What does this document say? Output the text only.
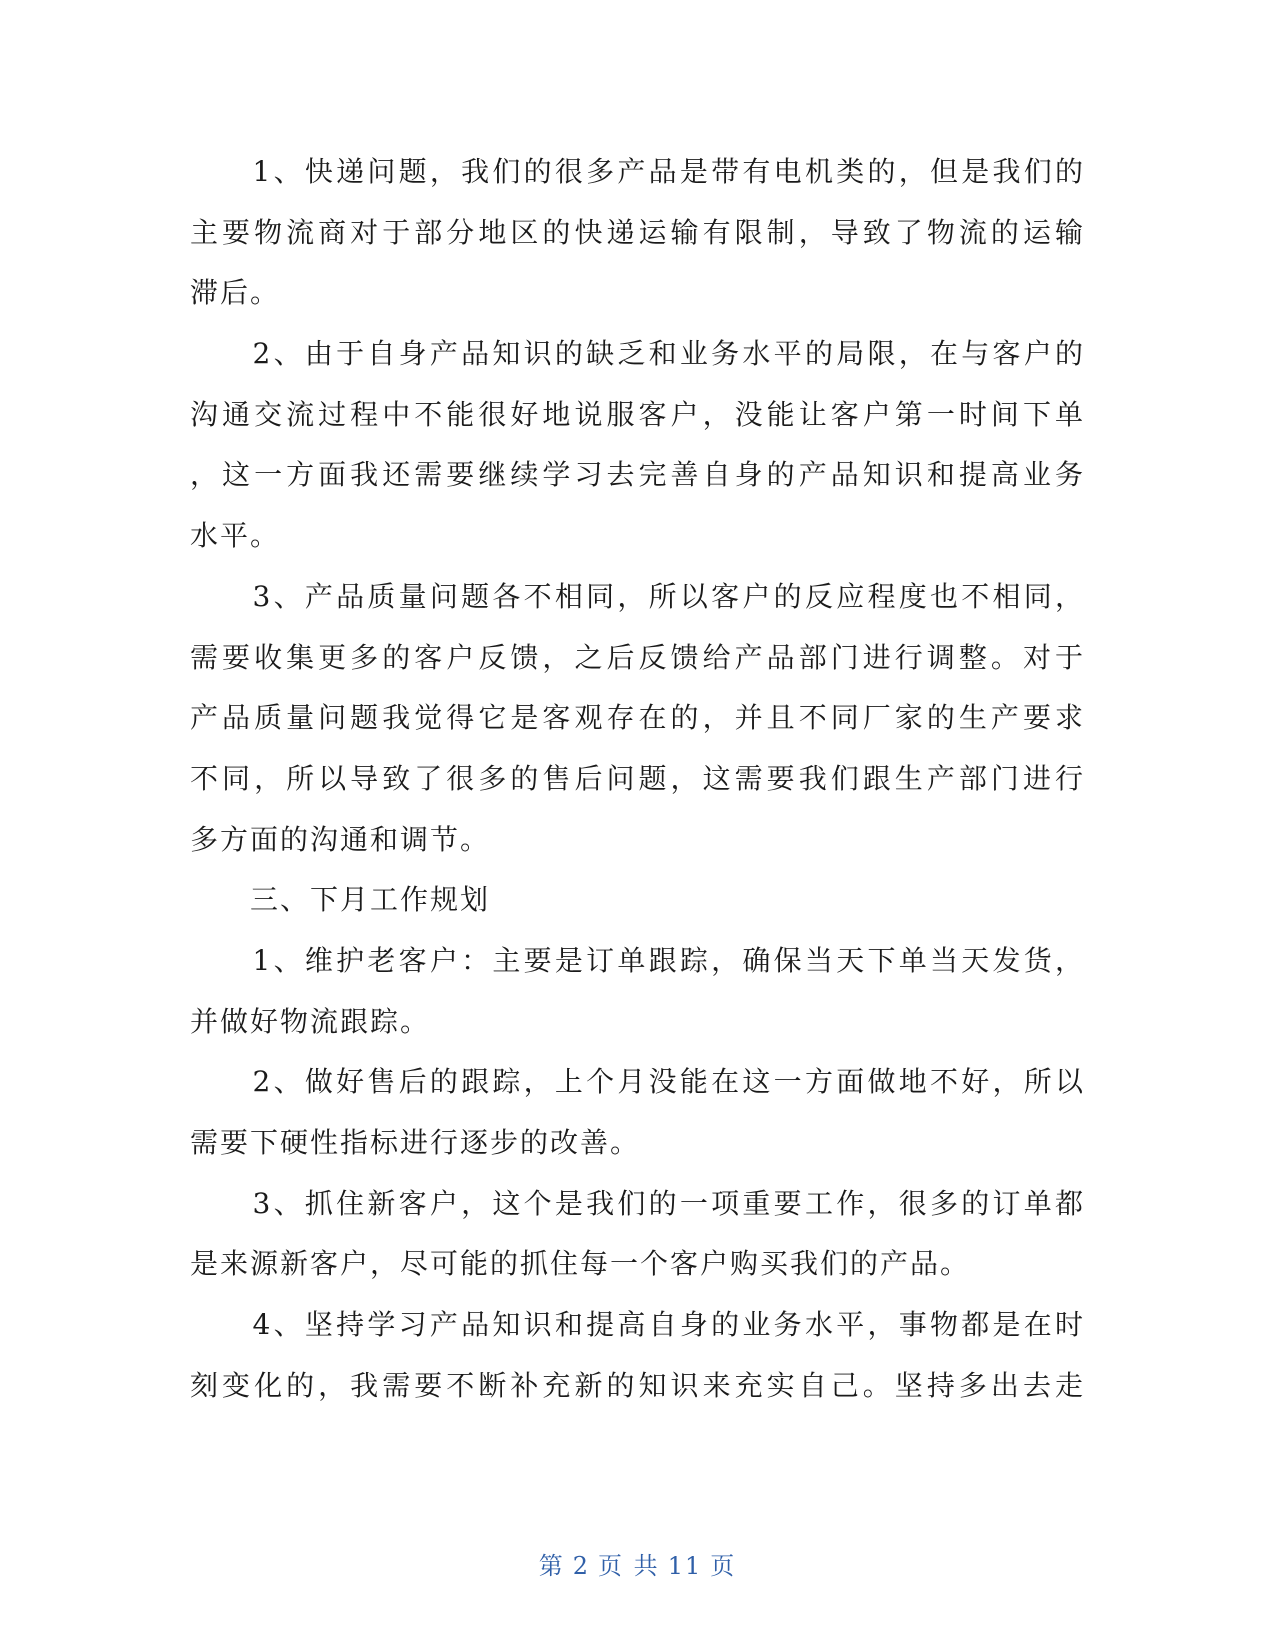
　　1、快递问题，我们的很多产品是带有电机类的，但是我们的
主要物流商对于部分地区的快递运输有限制，导致了物流的运输
滞后。
　　2、由于自身产品知识的缺乏和业务水平的局限，在与客户的
沟通交流过程中不能很好地说服客户，没能让客户第一时间下单
，这一方面我还需要继续学习去完善自身的产品知识和提高业务
水平。
　　3、产品质量问题各不相同，所以客户的反应程度也不相同，
需要收集更多的客户反馈，之后反馈给产品部门进行调整。对于
产品质量问题我觉得它是客观存在的，并且不同厂家的生产要求
不同，所以导致了很多的售后问题，这需要我们跟生产部门进行
多方面的沟通和调节。
　　三、下月工作规划
　　1、维护老客户：主要是订单跟踪，确保当天下单当天发货，
并做好物流跟踪。
　　2、做好售后的跟踪，上个月没能在这一方面做地不好，所以
需要下硬性指标进行逐步的改善。
　　3、抓住新客户，这个是我们的一项重要工作，很多的订单都
是来源新客户，尽可能的抓住每一个客户购买我们的产品。
　　4、坚持学习产品知识和提高自身的业务水平，事物都是在时
刻变化的，我需要不断补充新的知识来充实自己。坚持多出去走
第 2 页 共 11 页
